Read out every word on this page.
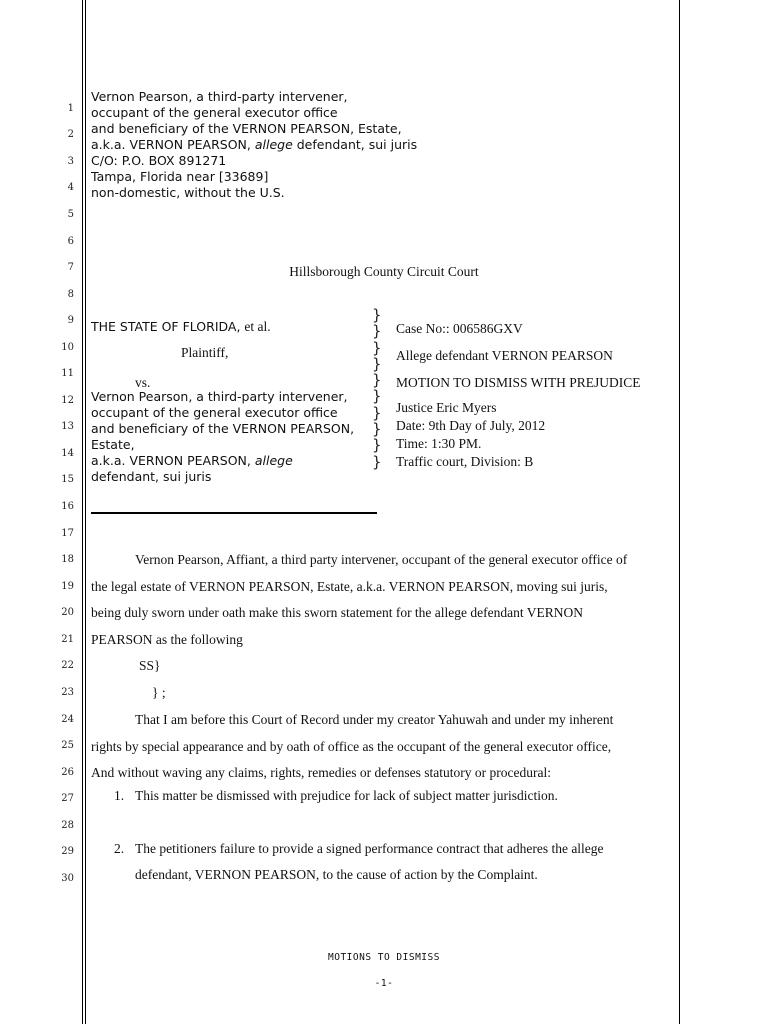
1
2
3
4
5
6
7
8
9
10
11
12
13
14
15
16
17
18
19
20
21
22
23
24
25
26
27
28
29
30
Vernon Pearson, a third-party intervener,
occupant of the general executor office
and beneficiary of the VERNON PEARSON, Estate,
a.k.a. VERNON PEARSON, allege defendant, sui juris
C/O: P.O. BOX 891271
Tampa, Florida near [33689]
non-domestic, without the U.S.
Hillsborough County Circuit Court
THE STATE OF FLORIDA, et al.
Plaintiff,
vs.
Vernon Pearson, a third-party intervener,
occupant of the general executor office
and beneficiary of the VERNON PEARSON,
Estate,
a.k.a. VERNON PEARSON, allege
defendant, sui juris
}
}
}
}
}
}
}
}
}
}
Case No:: 006586GXV
Allege defendant VERNON PEARSON
MOTION TO DISMISS WITH PREJUDICE
Justice Eric Myers
Date: 9th Day of July, 2012
Time: 1:30 PM.
Traffic court, Division: B
Vernon Pearson, Affiant, a third party intervener, occupant of the general executor office of
the legal estate of VERNON PEARSON, Estate, a.k.a. VERNON PEARSON, moving sui juris,
being duly sworn under oath make this sworn statement for the allege defendant VERNON
PEARSON as the following
SS}
} ;
That I am before this Court of Record under my creator Yahuwah and under my inherent
rights by special appearance and by oath of office as the occupant of the general executor office,
And without waving any claims, rights, remedies or defenses statutory or procedural:
1. This matter be dismissed with prejudice for lack of subject matter jurisdiction.
2. The petitioners failure to provide a signed performance contract that adheres the allege
defendant, VERNON PEARSON, to the cause of action by the Complaint.
MOTIONS TO DISMISS
-1-
